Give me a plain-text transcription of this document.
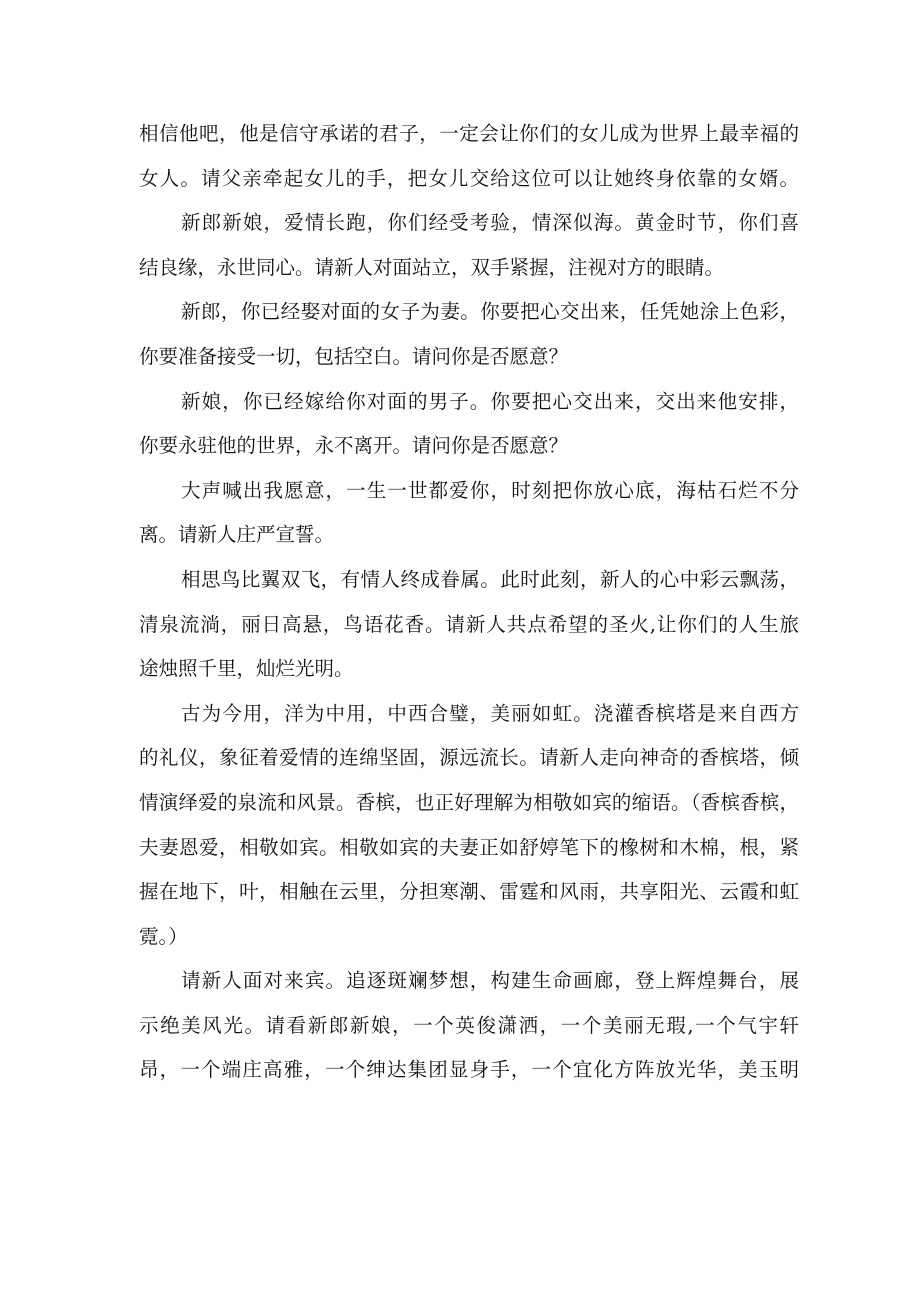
相信他吧，他是信守承诺的君子，一定会让你们的女儿成为世界上最幸福的
女人。请父亲牵起女儿的手，把女儿交给这位可以让她终身依靠的女婿。
新郎新娘，爱情长跑，你们经受考验，情深似海。黄金时节，你们喜
结良缘，永世同心。请新人对面站立，双手紧握，注视对方的眼睛。
新郎，你已经娶对面的女子为妻。你要把心交出来，任凭她涂上色彩，
你要准备接受一切，包括空白。请问你是否愿意？
新娘，你已经嫁给你对面的男子。你要把心交出来，交出来他安排，
你要永驻他的世界，永不离开。请问你是否愿意？
大声喊出我愿意，一生一世都爱你，时刻把你放心底，海枯石烂不分
离。请新人庄严宣誓。
相思鸟比翼双飞，有情人终成眷属。此时此刻，新人的心中彩云飘荡，
清泉流淌，丽日高悬，鸟语花香。请新人共点希望的圣火,让你们的人生旅
途烛照千里，灿烂光明。
古为今用，洋为中用，中西合璧，美丽如虹。浇灌香槟塔是来自西方
的礼仪，象征着爱情的连绵坚固，源远流长。请新人走向神奇的香槟塔，倾
情演绎爱的泉流和风景。香槟，也正好理解为相敬如宾的缩语。（香槟香槟，
夫妻恩爱，相敬如宾。相敬如宾的夫妻正如舒婷笔下的橡树和木棉，根，紧
握在地下，叶，相触在云里，分担寒潮、雷霆和风雨，共享阳光、云霞和虹
霓。）
请新人面对来宾。追逐斑斓梦想，构建生命画廊，登上辉煌舞台，展
示绝美风光。请看新郎新娘，一个英俊潇洒，一个美丽无瑕,一个气宇轩
昂，一个端庄高雅，一个绅达集团显身手，一个宜化方阵放光华，美玉明
